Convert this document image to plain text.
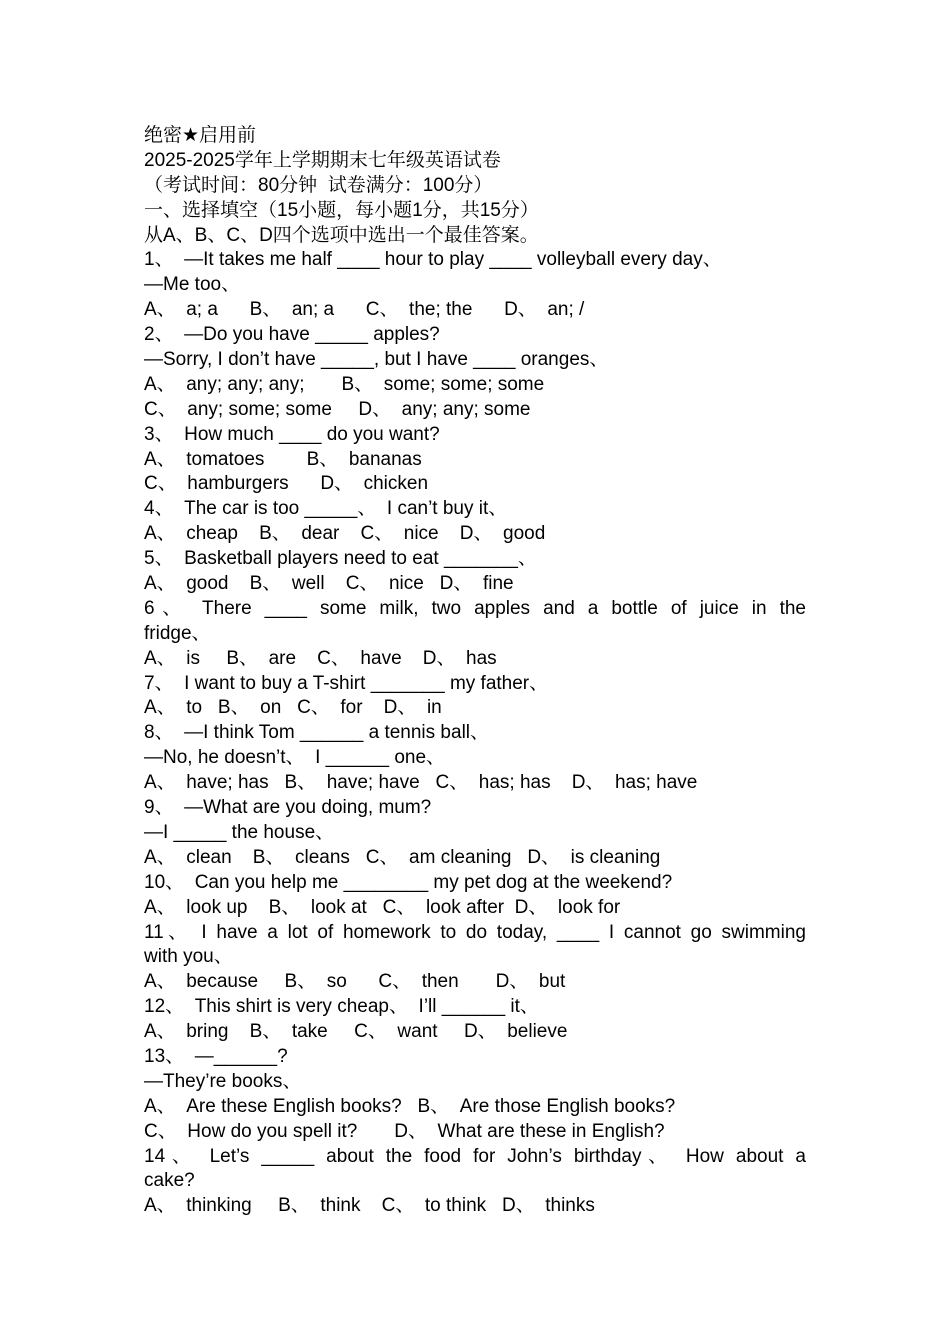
绝密★启用前
2025-2025学年上学期期末七年级英语试卷
（考试时间：80分钟  试卷满分：100分）
一、选择填空（15小题，每小题1分，共15分）
从A、B、C、D四个选项中选出一个最佳答案。
1、  —It takes me half ____ hour to play ____ volleyball every day、
—Me too、
A、  a; a      B、  an; a      C、  the; the      D、  an; /
2、  —Do you have _____ apples?
—Sorry, I don’t have _____, but I have ____ oranges、
A、  any; any; any;       B、  some; some; some
C、  any; some; some     D、  any; any; some
3、  How much ____ do you want?
A、  tomatoes        B、  bananas
C、  hamburgers      D、  chicken
4、  The car is too _____、  I can’t buy it、
A、  cheap    B、  dear    C、  nice    D、  good
5、  Basketball players need to eat _______、
A、  good    B、  well    C、  nice   D、  fine
6、 There ____ some milk, two apples and a bottle of juice in the
fridge、
A、  is     B、  are    C、  have    D、  has
7、  I want to buy a T-shirt _______ my father、
A、  to   B、  on   C、  for    D、  in
8、  —I think Tom ______ a tennis ball、
—No, he doesn’t、  I ______ one、
A、  have; has   B、  have; have   C、  has; has    D、  has; have
9、  —What are you doing, mum?
—I _____ the house、
A、  clean    B、  cleans   C、  am cleaning   D、  is cleaning
10、  Can you help me ________ my pet dog at the weekend?
A、  look up    B、  look at   C、  look after  D、  look for
11、 I have a lot of homework to do today, ____ I cannot go swimming
with you、
A、  because     B、  so      C、  then       D、  but
12、  This shirt is very cheap、  I’ll ______ it、
A、  bring    B、  take     C、  want     D、  believe
13、  —______?
—They’re books、
A、  Are these English books?   B、  Are those English books?
C、  How do you spell it?       D、  What are these in English?
14、 Let’s _____ about the food for John’s birthday、 How about a
cake?
A、  thinking     B、  think    C、  to think   D、  thinks
